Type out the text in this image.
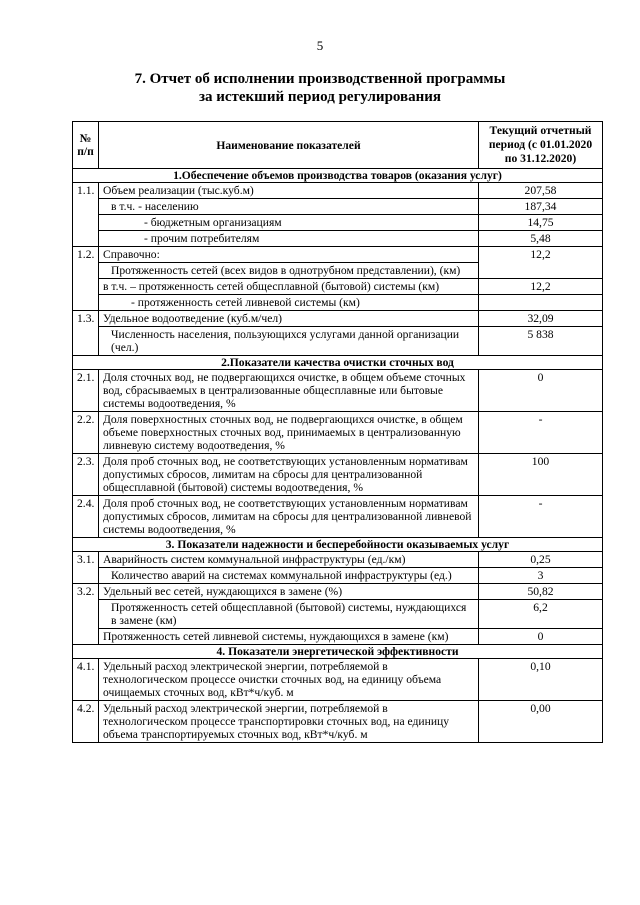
5
7. Отчет об исполнении производственной программы
за истекший период регулирования
№ п/п	Наименование показателей	Текущий отчетный период (с 01.01.2020 по 31.12.2020)
1.Обеспечение объемов производства товаров (оказания услуг)		
1.1.	Объем реализации (тыс.куб.м)	207,58
	в т.ч. - населению	187,34
	- бюджетным организациям	14,75
	- прочим потребителям	5,48
1.2.	Справочно:	12,2
	Протяженность сетей (всех видов в однотрубном представлении), (км)	
	в т.ч. – протяженность сетей общесплавной (бытовой) системы (км)	12,2
	- протяженность сетей ливневой системы (км)	
1.3.	Удельное водоотведение (куб.м/чел)	32,09
	Численность населения, пользующихся услугами данной организации (чел.)	5 838
2.Показатели качества очистки сточных вод		
2.1.	Доля сточных вод, не подвергающихся очистке, в общем объеме сточных вод, сбрасываемых в централизованные общесплавные или бытовые системы водоотведения, %	0
2.2.	Доля поверхностных сточных вод, не подвергающихся очистке, в общем объеме поверхностных сточных вод, принимаемых в централизованную ливневую систему водоотведения, %	-
2.3.	Доля проб сточных вод, не соответствующих установленным нормативам допустимых сбросов, лимитам на сбросы для централизованной общесплавной (бытовой) системы водоотведения, %	100
2.4.	Доля проб сточных вод, не соответствующих установленным нормативам допустимых сбросов, лимитам на сбросы для централизованной ливневой системы водоотведения, %	-
3. Показатели надежности и бесперебойности оказываемых услуг		
3.1.	Аварийность систем коммунальной инфраструктуры (ед./км)	0,25
	Количество аварий на системах коммунальной инфраструктуры (ед.)	3
3.2.	Удельный вес сетей, нуждающихся в замене (%)	50,82
	Протяженность сетей общесплавной (бытовой) системы, нуждающихся в замене (км)	6,2
	Протяженность сетей ливневой системы, нуждающихся в замене (км)	0
4. Показатели энергетической эффективности		
4.1.	Удельный расход электрической энергии, потребляемой в технологическом процессе очистки сточных вод, на единицу объема очищаемых сточных вод, кВт*ч/куб. м	0,10
4.2.	Удельный расход электрической энергии, потребляемой в технологическом процессе транспортировки сточных вод, на единицу объема транспортируемых сточных вод, кВт*ч/куб. м	0,00
